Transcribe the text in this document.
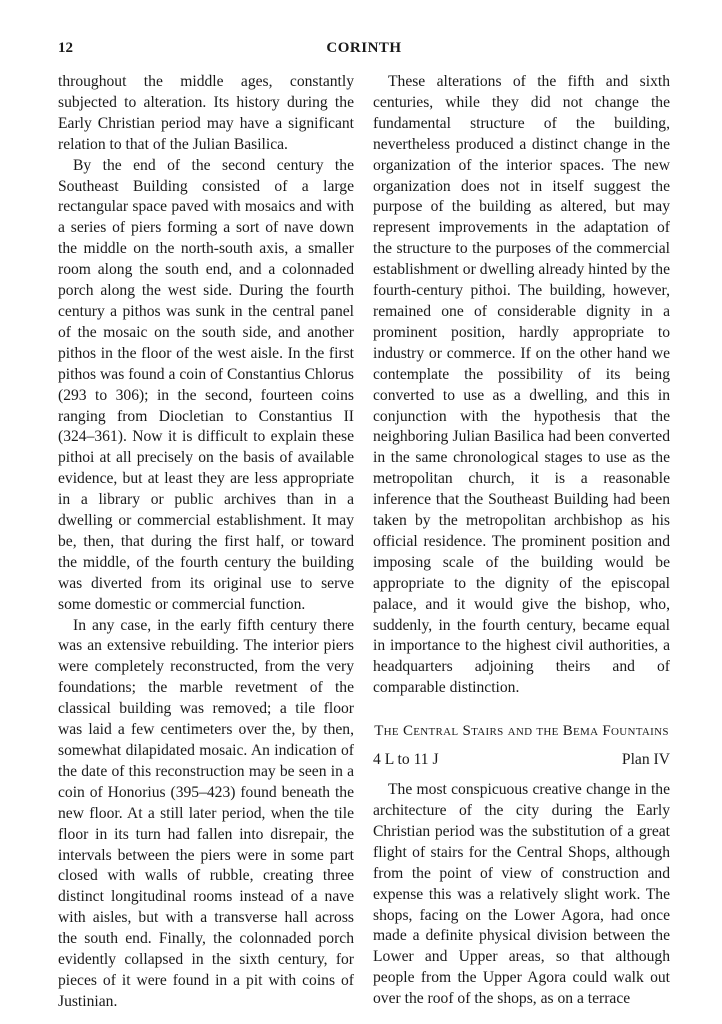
12	CORINTH

throughout the middle ages, constantly subjected to alteration. Its history during the Early Christian period may have a significant relation to that of the Julian Basilica.

By the end of the second century the Southeast Building consisted of a large rectangular space paved with mosaics and with a series of piers forming a sort of nave down the middle on the north-south axis, a smaller room along the south end, and a colonnaded porch along the west side. During the fourth century a pithos was sunk in the central panel of the mosaic on the south side, and another pithos in the floor of the west aisle. In the first pithos was found a coin of Constantius Chlorus (293 to 306); in the second, fourteen coins ranging from Diocletian to Constantius II (324–361). Now it is difficult to explain these pithoi at all precisely on the basis of available evidence, but at least they are less appropriate in a library or public archives than in a dwelling or commercial establishment. It may be, then, that during the first half, or toward the middle, of the fourth century the building was diverted from its original use to serve some domestic or commercial function.

In any case, in the early fifth century there was an extensive rebuilding. The interior piers were completely reconstructed, from the very foundations; the marble revetment of the classical building was removed; a tile floor was laid a few centimeters over the, by then, somewhat dilapidated mosaic. An indication of the date of this reconstruction may be seen in a coin of Honorius (395–423) found beneath the new floor. At a still later period, when the tile floor in its turn had fallen into disrepair, the intervals between the piers were in some part closed with walls of rubble, creating three distinct longitudinal rooms instead of a nave with aisles, but with a transverse hall across the south end. Finally, the colonnaded porch evidently collapsed in the sixth century, for pieces of it were found in a pit with coins of Justinian.

These alterations of the fifth and sixth centuries, while they did not change the fundamental structure of the building, nevertheless produced a distinct change in the organization of the interior spaces. The new organization does not in itself suggest the purpose of the building as altered, but may represent improvements in the adaptation of the structure to the purposes of the commercial establishment or dwelling already hinted by the fourth-century pithoi. The building, however, remained one of considerable dignity in a prominent position, hardly appropriate to industry or commerce. If on the other hand we contemplate the possibility of its being converted to use as a dwelling, and this in conjunction with the hypothesis that the neighboring Julian Basilica had been converted in the same chronological stages to use as the metropolitan church, it is a reasonable inference that the Southeast Building had been taken by the metropolitan archbishop as his official residence. The prominent position and imposing scale of the building would be appropriate to the dignity of the episcopal palace, and it would give the bishop, who, suddenly, in the fourth century, became equal in importance to the highest civil authorities, a headquarters adjoining theirs and of comparable distinction.

The Central Stairs and the Bema Fountains
4 L to 11 J	Plan IV

The most conspicuous creative change in the architecture of the city during the Early Christian period was the substitution of a great flight of stairs for the Central Shops, although from the point of view of construction and expense this was a relatively slight work. The shops, facing on the Lower Agora, had once made a definite physical division between the Lower and Upper areas, so that although people from the Upper Agora could walk out over the roof of the shops, as on a terrace
